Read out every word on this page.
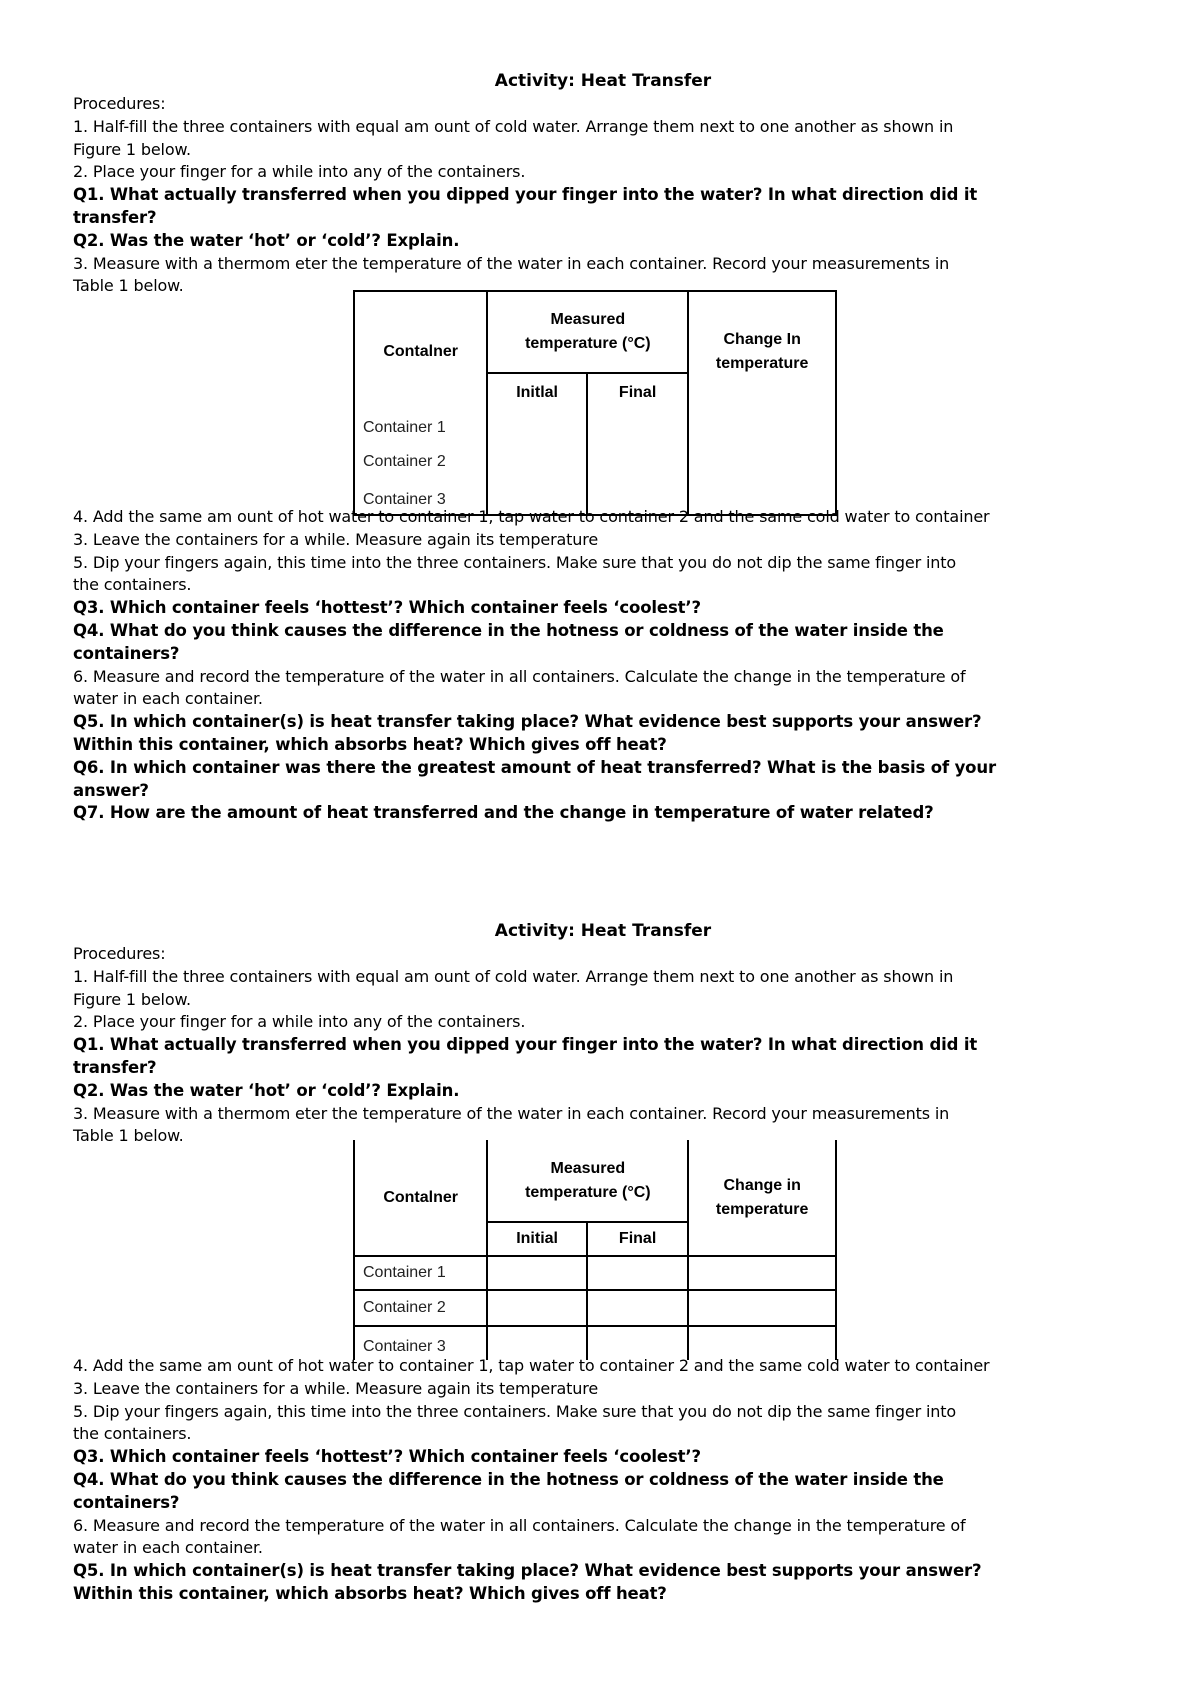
Activity: Heat Transfer
Procedures:
1. Half-fill the three containers with equal am ount of cold water. Arrange them next to one another as shown in
Figure 1 below.
2. Place your finger for a while into any of the containers.
Q1. What actually transferred when you dipped your finger into the water? In what direction did it
transfer?
Q2. Was the water ‘hot’ or ‘cold’? Explain.
3. Measure with a thermom eter the temperature of the water in each container. Record your measurements in
Table 1 below.
Contalner	Measured temperature (°C)		Change In temperature
	Initlal	Final	
Container 1			
Container 2			
Container 3			
4. Add the same am ount of hot water to container 1, tap water to container 2 and the same cold water to container
3. Leave the containers for a while. Measure again its temperature
5. Dip your fingers again, this time into the three containers. Make sure that you do not dip the same finger into
the containers.
Q3. Which container feels ‘hottest’? Which container feels ‘coolest’?
Q4. What do you think causes the difference in the hotness or coldness of the water inside the
containers?
6. Measure and record the temperature of the water in all containers. Calculate the change in the temperature of
water in each container.
Q5. In which container(s) is heat transfer taking place? What evidence best supports your answer?
Within this container, which absorbs heat? Which gives off heat?
Q6. In which container was there the greatest amount of heat transferred? What is the basis of your
answer?
Q7. How are the amount of heat transferred and the change in temperature of water related?
Activity: Heat Transfer
Procedures:
1. Half-fill the three containers with equal am ount of cold water. Arrange them next to one another as shown in
Figure 1 below.
2. Place your finger for a while into any of the containers.
Q1. What actually transferred when you dipped your finger into the water? In what direction did it
transfer?
Q2. Was the water ‘hot’ or ‘cold’? Explain.
3. Measure with a thermom eter the temperature of the water in each container. Record your measurements in
Table 1 below.
Contalner	Measured temperature (°C)		Change in temperature
	Initial	Final	
Container 1			
Container 2			
Container 3			
4. Add the same am ount of hot water to container 1, tap water to container 2 and the same cold water to container
3. Leave the containers for a while. Measure again its temperature
5. Dip your fingers again, this time into the three containers. Make sure that you do not dip the same finger into
the containers.
Q3. Which container feels ‘hottest’? Which container feels ‘coolest’?
Q4. What do you think causes the difference in the hotness or coldness of the water inside the
containers?
6. Measure and record the temperature of the water in all containers. Calculate the change in the temperature of
water in each container.
Q5. In which container(s) is heat transfer taking place? What evidence best supports your answer?
Within this container, which absorbs heat? Which gives off heat?
